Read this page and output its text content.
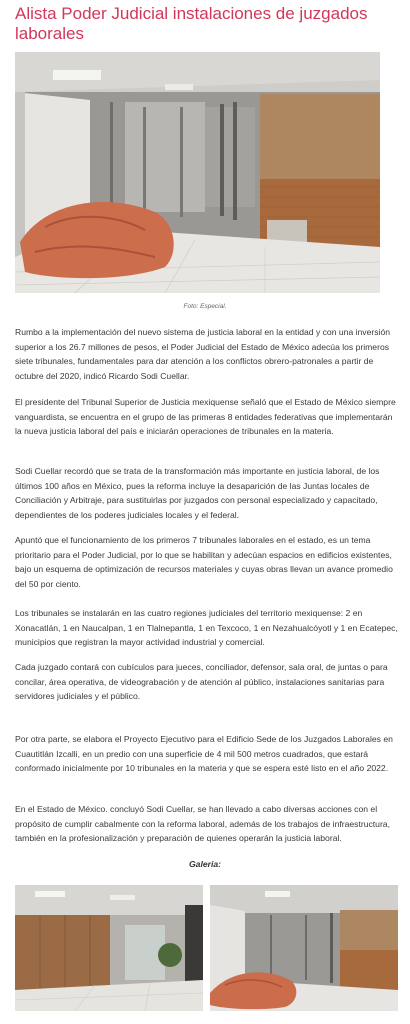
Alista Poder Judicial instalaciones de juzgados laborales
Foto: Especial.

Rumbo a la implementación del nuevo sistema de justicia laboral en la entidad y con una inversión superior a los 26.7 millones de pesos, el Poder Judicial del Estado de México adecúa los primeros siete tribunales, fundamentales para dar atención a los conflictos obrero-patronales a partir de octubre del 2020, indicó Ricardo Sodi Cuellar.

El presidente del Tribunal Superior de Justicia mexiquense señaló que el Estado de México siempre vanguardista, se encuentra en el grupo de las primeras 8 entidades federativas que implementarán la nueva justicia laboral del país e iniciarán operaciones de tribunales en la materia.

Sodi Cuellar recordó que se trata de la transformación más importante en justicia laboral, de los últimos 100 años en México, pues la reforma incluye la desaparición de las Juntas locales de Conciliación y Arbitraje, para sustituirlas por juzgados con personal especializado y capacitado, dependientes de los poderes judiciales locales y el federal.

Apuntó que el funcionamiento de los primeros 7 tribunales laborales en el estado, es un tema prioritario para el Poder Judicial, por lo que se habilitan y adecúan espacios en edificios existentes, bajo un esquema de optimización de recursos materiales y cuyas obras llevan un avance promedio del 50 por ciento.

Los tribunales se instalarán en las cuatro regiones judiciales del territorio mexiquense: 2 en Xonacatlán, 1 en Naucalpan, 1 en Tlalnepantla, 1 en Texcoco, 1 en Nezahualcóyotl y 1 en Ecatepec, municipios que registran la mayor actividad industrial y comercial.

Cada juzgado contará con cubículos para jueces, conciliador, defensor, sala oral, de juntas o para concilar, área operativa, de videograbación y de atención al público, instalaciones sanitarias para servidores judiciales y el público.

Por otra parte, se elabora el Proyecto Ejecutivo para el Edificio Sede de los Juzgados Laborales en Cuautitlán Izcalli, en un predio con una superficie de 4 mil 500 metros cuadrados, que estará conformado inicialmente por 10 tribunales en la materia y que se espera esté listo en el año 2022.

En el Estado de México. concluyó Sodi Cuellar, se han llevado a cabo diversas acciones con el propósito de cumplir cabalmente con la reforma laboral, además de los trabajos de infraestructura, también en la profesionalización y preparación de quienes operarán la justicia laboral.

Galeria:
